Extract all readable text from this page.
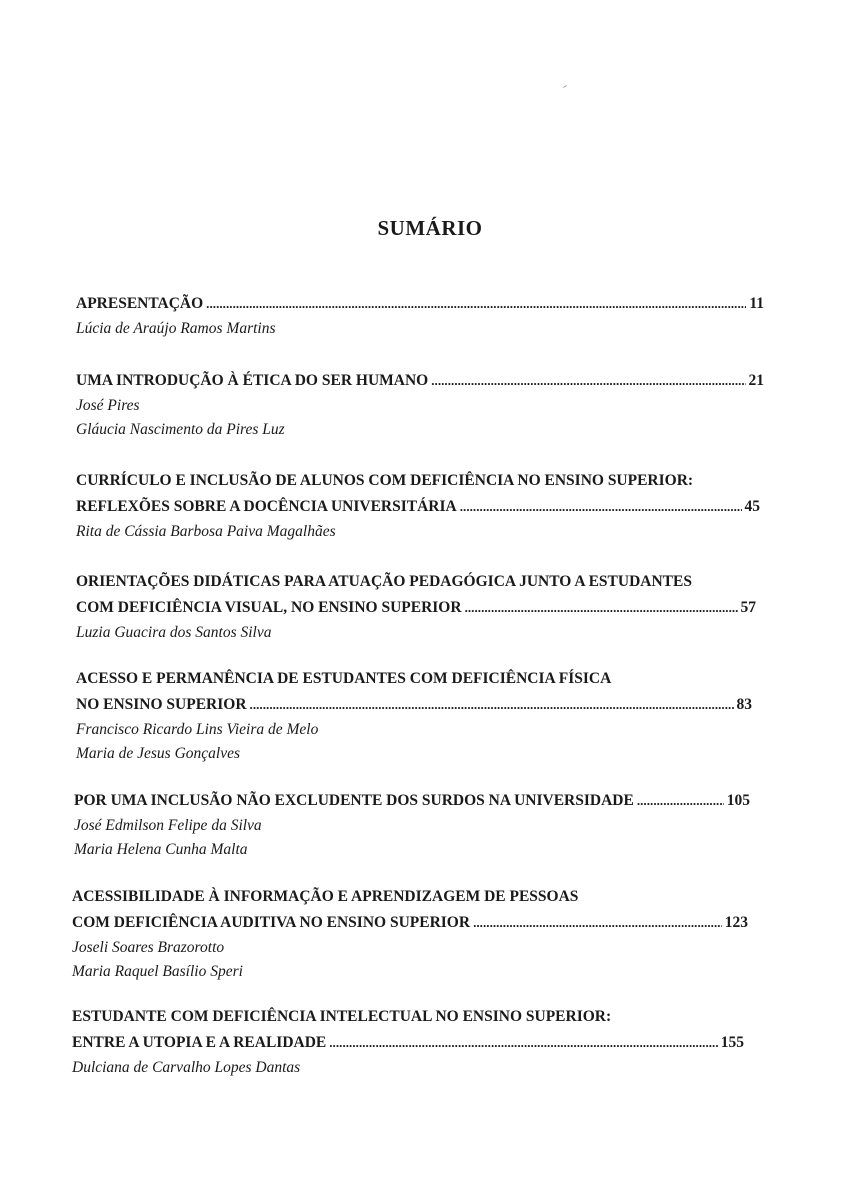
SUMÁRIO
APRESENTAÇÃO . . .	11
Lúcia de Araújo Ramos Martins
UMA INTRODUÇÃO À ÉTICA DO SER HUMANO . . .	21
José Pires
Gláucia Nascimento da Pires Luz
CURRÍCULO E INCLUSÃO DE ALUNOS COM DEFICIÊNCIA NO ENSINO SUPERIOR:
REFLEXÕES SOBRE A DOCÊNCIA UNIVERSITÁRIA . . .	45
Rita de Cássia Barbosa Paiva Magalhães
ORIENTAÇÕES DIDÁTICAS PARA ATUAÇÃO PEDAGÓGICA JUNTO A ESTUDANTES
COM DEFICIÊNCIA VISUAL, NO ENSINO SUPERIOR . . .	57
Luzia Guacira dos Santos Silva
ACESSO E PERMANÊNCIA DE ESTUDANTES COM DEFICIÊNCIA FÍSICA
NO ENSINO SUPERIOR . . .	83
Francisco Ricardo Lins Vieira de Melo
Maria de Jesus Gonçalves
POR UMA INCLUSÃO NÃO EXCLUDENTE DOS SURDOS NA UNIVERSIDADE . . .	105
José Edmilson Felipe da Silva
Maria Helena Cunha Malta
ACESSIBILIDADE À INFORMAÇÃO E APRENDIZAGEM DE PESSOAS
COM DEFICIÊNCIA AUDITIVA NO ENSINO SUPERIOR . . .	123
Joseli Soares Brazorotto
Maria Raquel Basílio Speri
ESTUDANTE COM DEFICIÊNCIA INTELECTUAL NO ENSINO SUPERIOR:
ENTRE A UTOPIA E A REALIDADE . . .	155
Dulciana de Carvalho Lopes Dantas
